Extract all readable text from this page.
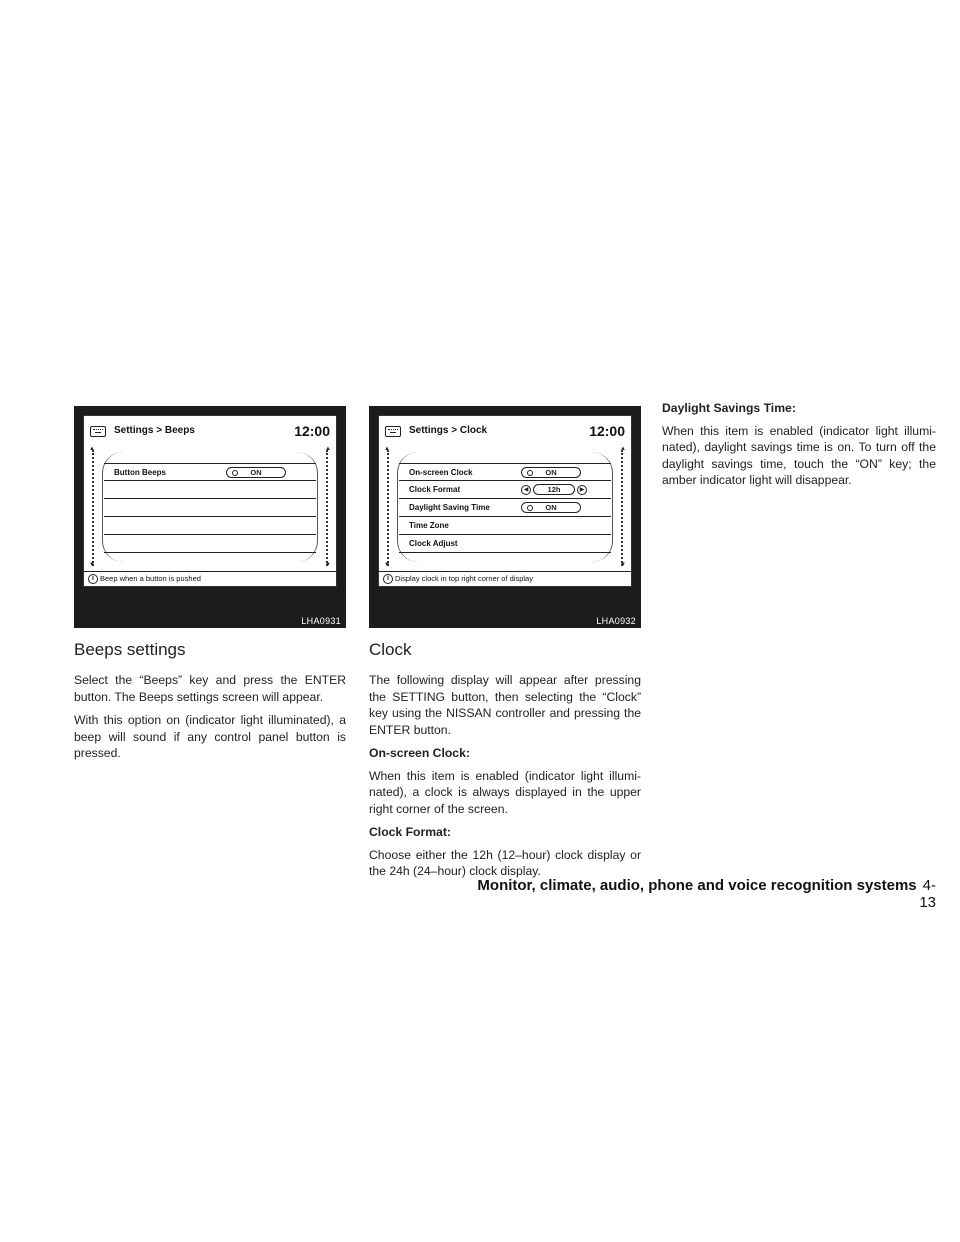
Settings > Beeps	12:00
▲	▲
▼	▼
Button Beeps	ON
i Beep when a button is pushed
LHA0931
Beeps settings

Select the “Beeps” key and press the ENTER button. The Beeps settings screen will appear.

With this option on (indicator light illuminated), a beep will sound if any control panel button is pressed.

Settings > Clock	12:00
▲	▲
▼	▼
On-screen Clock	ON
Clock Format	◀	12h	▶
Daylight Saving Time	ON
Time Zone
Clock Adjust
i Display clock in top right corner of display
LHA0932
Clock

The following display will appear after pressing the SETTING button, then selecting the “Clock” key using the NISSAN controller and pressing the ENTER button.

On-screen Clock:

When this item is enabled (indicator light illumi-nated), a clock is always displayed in the upper right corner of the screen.

Clock Format:

Choose either the 12h (12–hour) clock display or the 24h (24–hour) clock display.

Daylight Savings Time:

When this item is enabled (indicator light illumi-nated), daylight savings time is on. To turn off the daylight savings time, touch the “ON” key; the amber indicator light will disappear.

Monitor, climate, audio, phone and voice recognition systems 4-13
